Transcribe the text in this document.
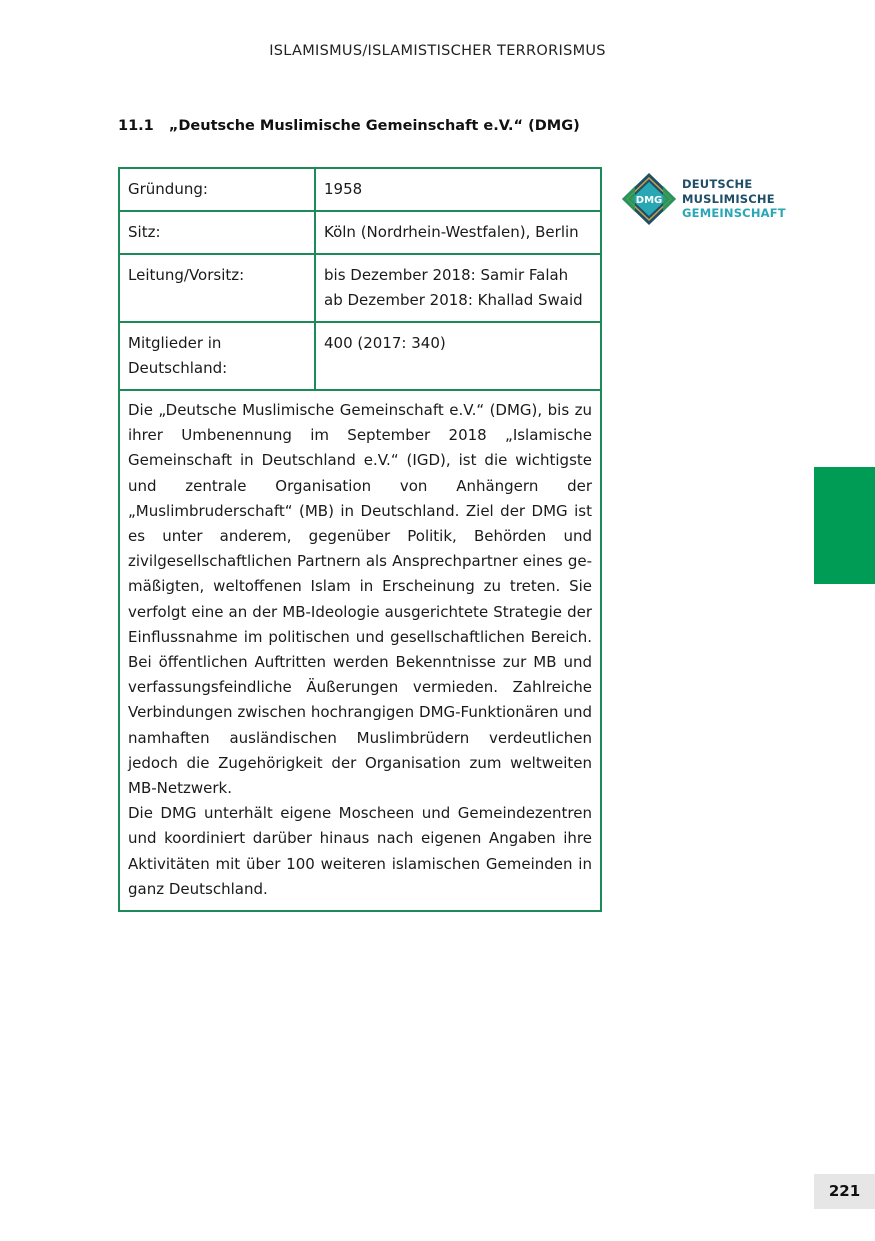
ISLAMISMUS/ISLAMISTISCHER TERRORISMUS
11.1 „Deutsche Muslimische Gemeinschaft e.V.“ (DMG)
Gründung:	1958

Sitz:	Köln (Nordrhein-Westfalen), Berlin

Leitung/Vorsitz:	bis Dezember 2018: Samir Falah
ab Dezember 2018: Khallad Swaid

Mitglieder in Deutschland:	400 (2017: 340)

Die „Deutsche Muslimische Gemeinschaft e.V.“ (DMG), bis zu ihrer Umbenennung im September 2018 „Islamische Gemeinschaft in Deutschland e.V.“ (IGD), ist die wichtigste und zentrale Organisation von Anhängern der „Muslimbruderschaft“ (MB) in Deutschland. Ziel der DMG ist es unter anderem, gegenüber Politik, Behörden und zivilgesellschaftlichen Partnern als Ansprechpartner eines gemäßigten, weltoffenen Islam in Erscheinung zu treten. Sie verfolgt eine an der MB-Ideologie ausgerichtete Strategie der Einflussnahme im politischen und gesellschaftlichen Bereich. Bei öffentlichen Auftritten werden Bekenntnisse zur MB und verfassungsfeindliche Äußerungen vermieden. Zahlreiche Verbindungen zwischen hochrangigen DMG-Funktionären und namhaften ausländischen Muslimbrüdern verdeutlichen jedoch die Zugehörigkeit der Organisation zum weltweiten MB-Netzwerk.

Die DMG unterhält eigene Moscheen und Gemeindezentren und koordiniert darüber hinaus nach eigenen Angaben ihre Aktivitäten mit über 100 weiteren islamischen Gemeinden in ganz Deutschland.

DMG
DEUTSCHE
MUSLIMISCHE
GEMEINSCHAFT
221
